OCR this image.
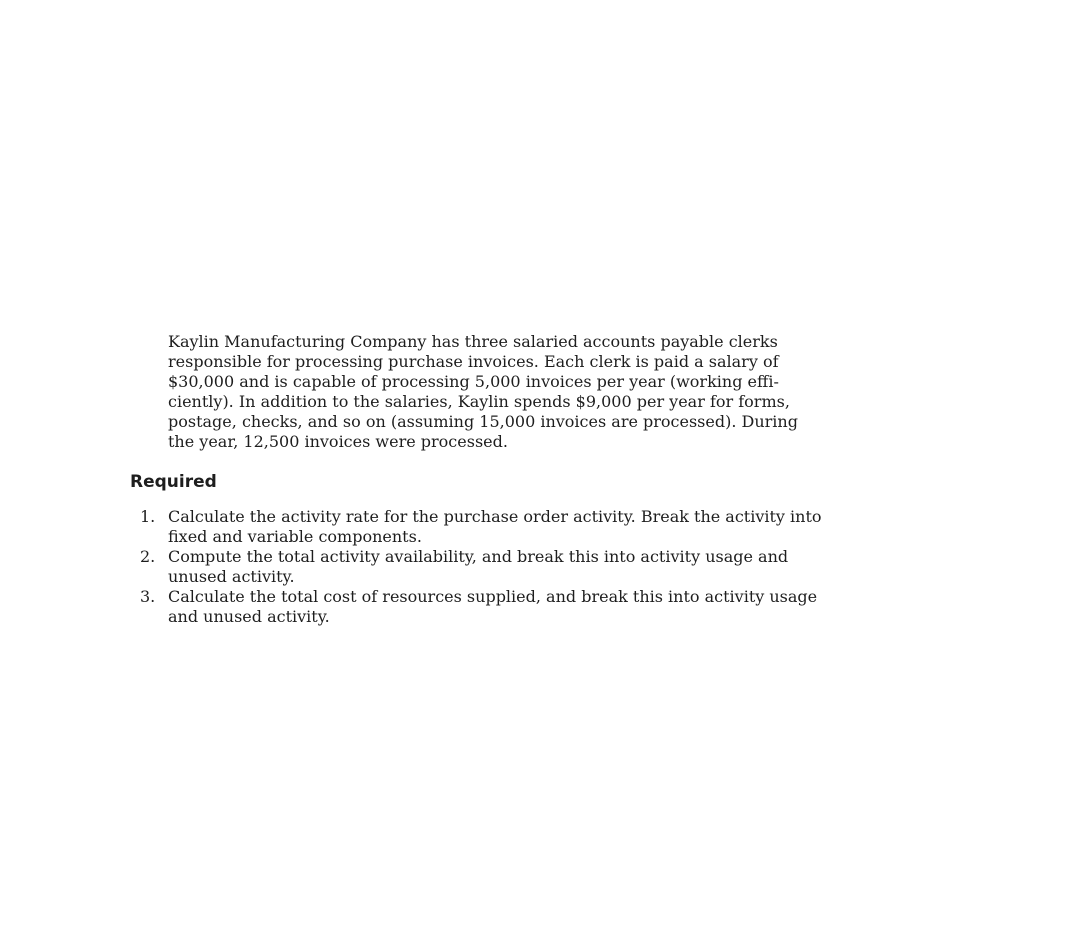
Kaylin Manufacturing Company has three salaried accounts payable clerks
responsible for processing purchase invoices. Each clerk is paid a salary of
$30,000 and is capable of processing 5,000 invoices per year (working effi-
ciently). In addition to the salaries, Kaylin spends $9,000 per year for forms,
postage, checks, and so on (assuming 15,000 invoices are processed). During
the year, 12,500 invoices were processed.

Required
1. Calculate the activity rate for the purchase order activity. Break the activity into
fixed and variable components.
2. Compute the total activity availability, and break this into activity usage and
unused activity.
3. Calculate the total cost of resources supplied, and break this into activity usage
and unused activity.
